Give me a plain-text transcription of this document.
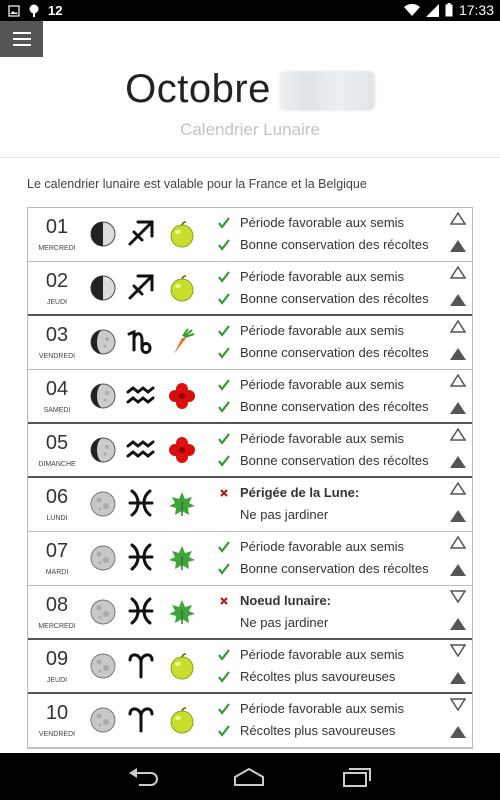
12	17:33
Octobre
Calendrier Lunaire
Le calendrier lunaire est valable pour la France et la Belgique
01
MERCREDI
Période favorable aux semis
Bonne conservation des récoltes
02
JEUDI
Période favorable aux semis
Bonne conservation des récoltes
03
VENDREDI
Période favorable aux semis
Bonne conservation des récoltes
04
SAMEDI
Période favorable aux semis
Bonne conservation des récoltes
05
DIMANCHE
Période favorable aux semis
Bonne conservation des récoltes
06
LUNDI
Périgée de la Lune:
Ne pas jardiner
07
MARDI
Période favorable aux semis
Bonne conservation des récoltes
08
MERCREDI
Noeud lunaire:
Ne pas jardiner
09
JEUDI
Période favorable aux semis
Récoltes plus savoureuses
10
VENDREDI
Période favorable aux semis
Récoltes plus savoureuses
